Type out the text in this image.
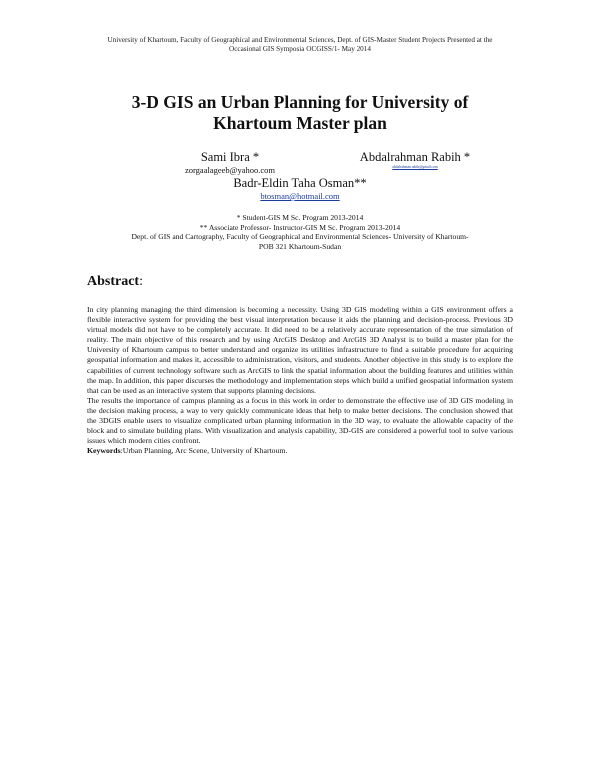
University of Khartoum, Faculty of Geographical and Environmental Sciences, Dept. of GIS-Master Student Projects Presented at the
Occasional GIS Symposia OCGISS/1- May 2014
3-D GIS an Urban Planning for University of
Khartoum Master plan
Sami Ibra *
zorgaalageeb@yahoo.com
Abdalrahman Rabih *
abdalrahman.rabih@gmail.com
Badr-Eldin Taha Osman**
btosman@hotmail.com
* Student-GIS M Sc. Program 2013-2014
** Associate Professor- Instructor-GIS M Sc. Program 2013-2014
Dept. of GIS and Cartography, Faculty of Geographical and Environmental Sciences- University of Khartoum-
POB 321 Khartoum-Sudan
Abstract:

In city planning managing the third dimension is becoming a necessity. Using 3D GIS modeling within a GIS environment offers a flexible interactive system for providing the best visual interpretation because it aids the planning and decision-process. Previous 3D virtual models did not have to be completely accurate. It did need to be a relatively accurate representation of the true simulation of reality. The main objective of this research and by using ArcGIS Desktop and ArcGIS 3D Analyst is to build a master plan for the University of Khartoum campus to better understand and organize its utilities infrastructure to find a suitable procedure for acquiring geospatial information and makes it, accessible to administration, visitors, and students. Another objective in this study is to explore the capabilities of current technology software such as ArcGIS to link the spatial information about the building features and utilities within the map. In addition, this paper discurses the methodology and implementation steps which build a unified geospatial information system that can be used as an interactive system that supports planning decisions.

The results the importance of campus planning as a focus in this work in order to demonstrate the effective use of 3D GIS modeling in the decision making process, a way to very quickly communicate ideas that help to make better decisions. The conclusion showed that the 3DGIS enable users to visualize complicated urban planning information in the 3D way, to evaluate the allowable capacity of the block and to simulate building plans. With visualization and analysis capability, 3D-GIS are considered a powerful tool to solve various issues which modern cities confront.

Keywords:Urban Planning, Arc Scene, University of Khartoum.
